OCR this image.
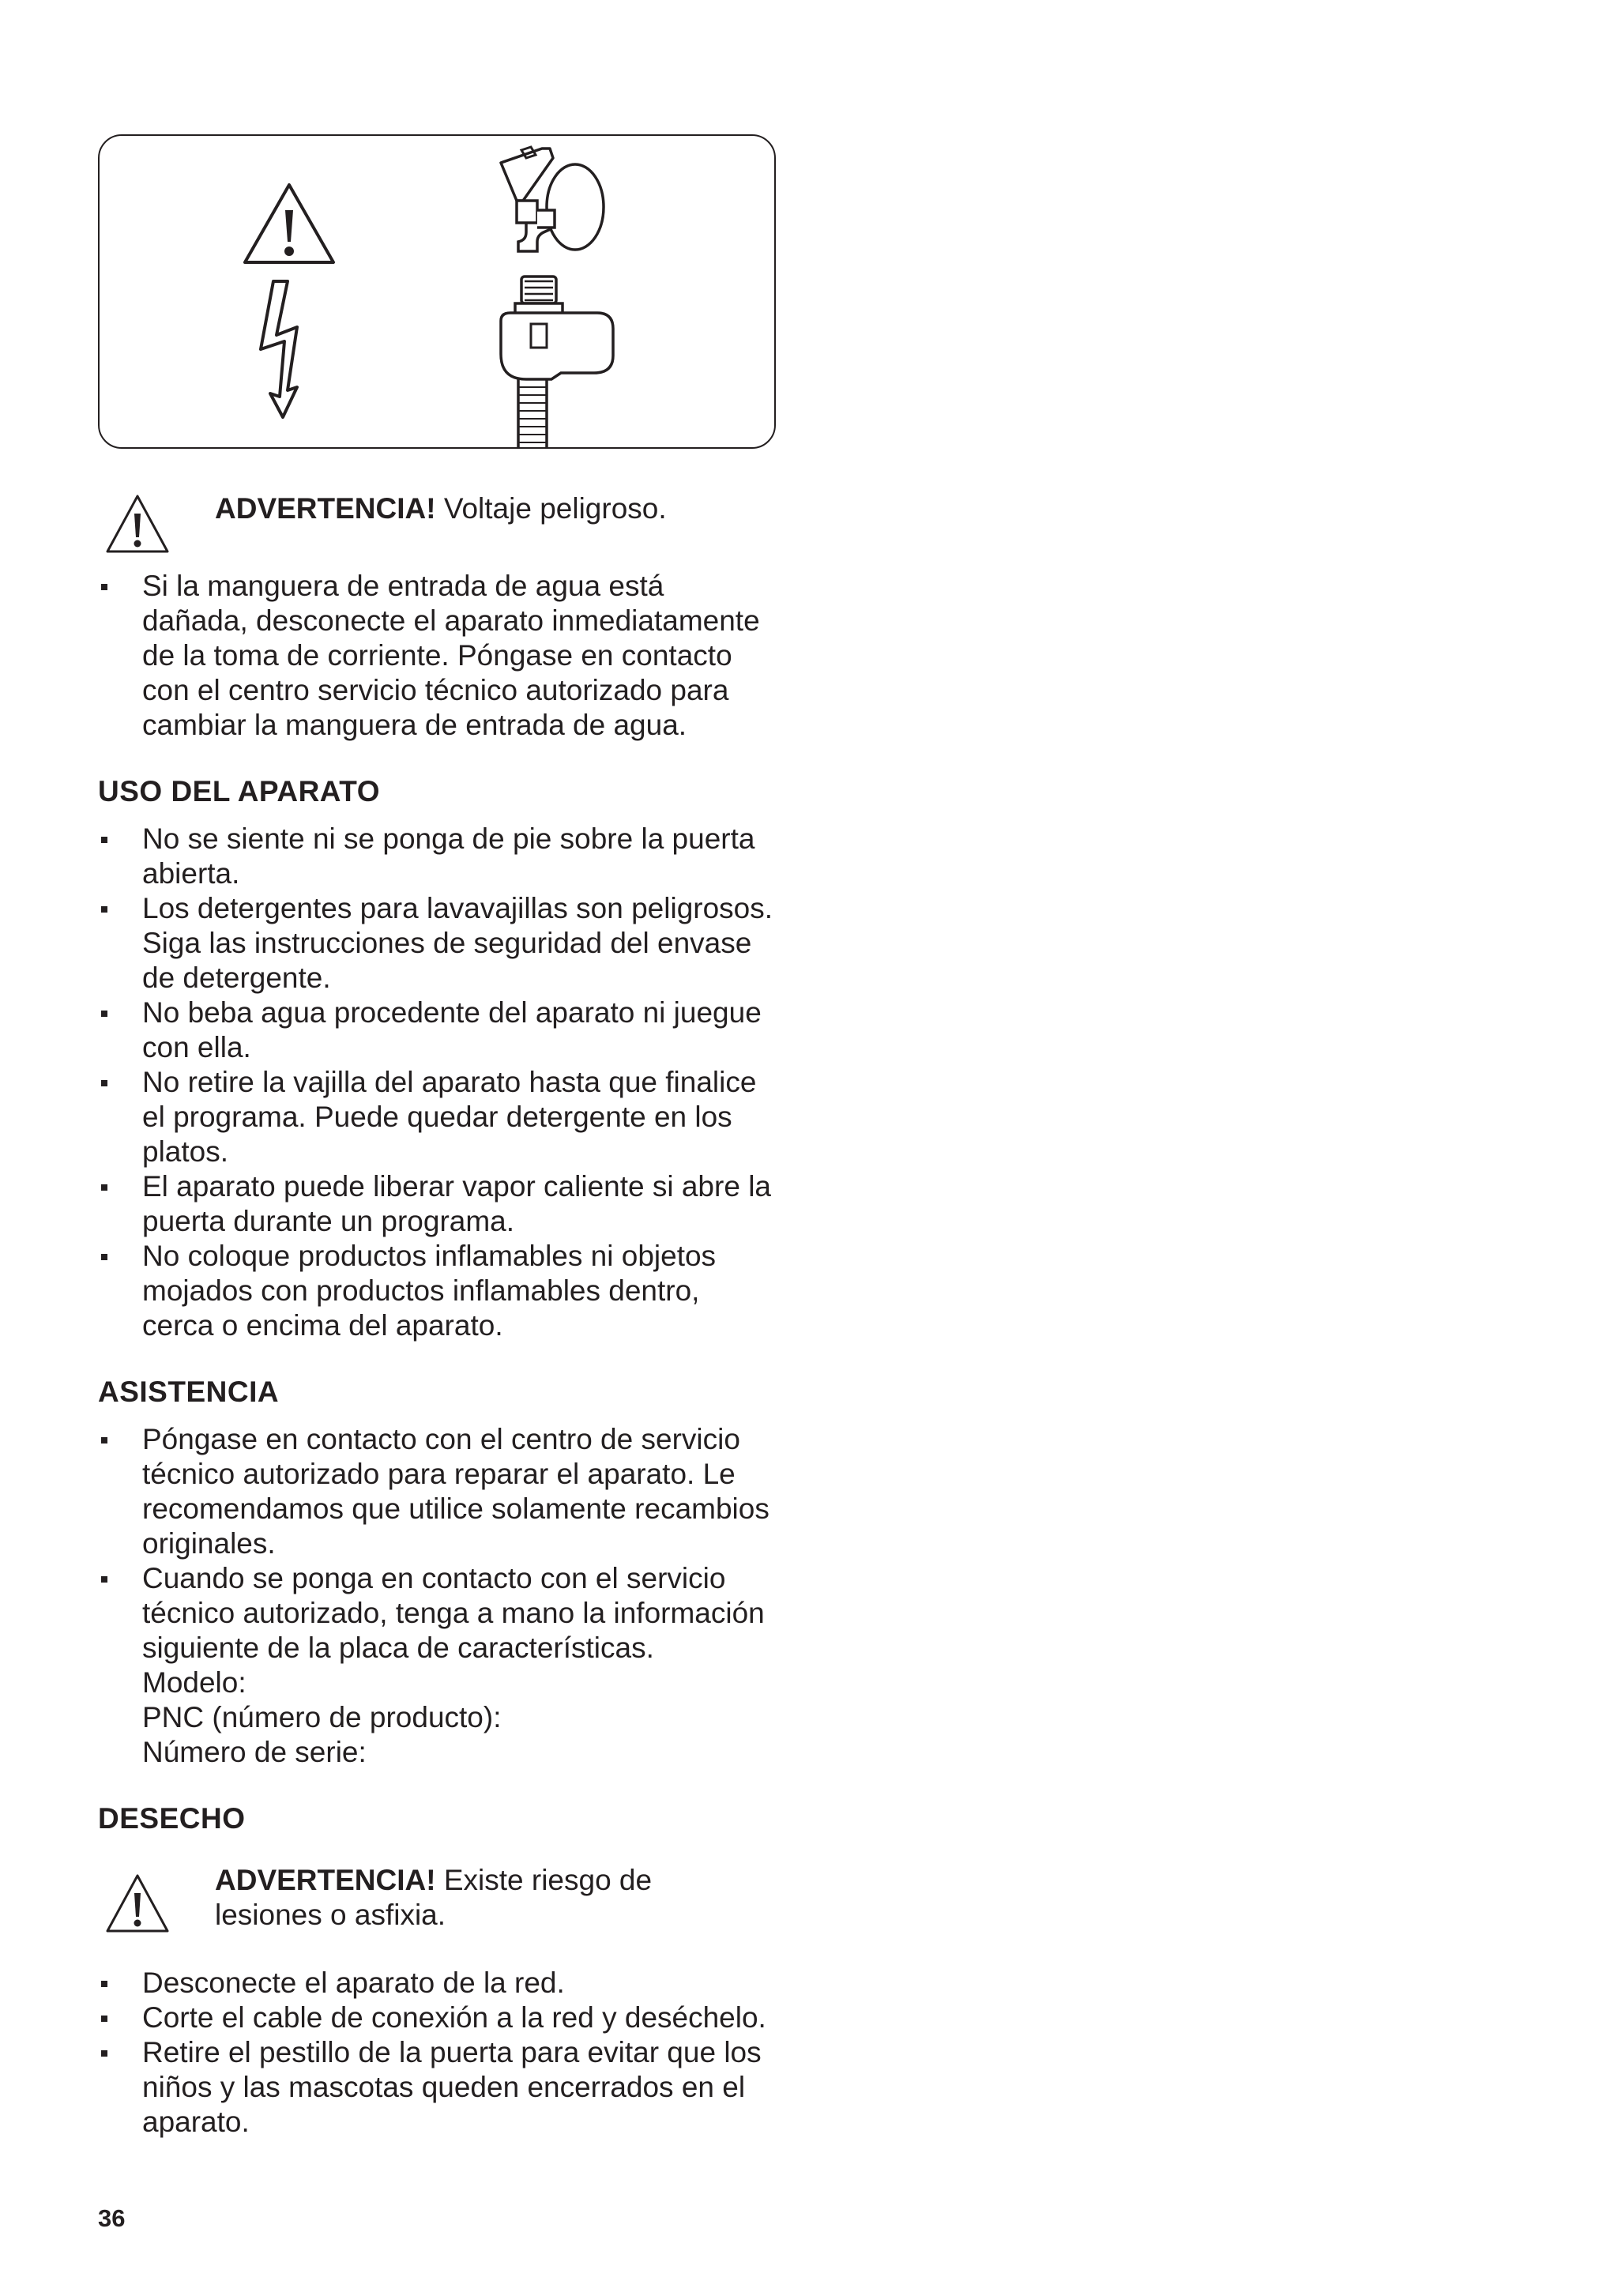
ADVERTENCIA! Voltaje peligroso.
Si la manguera de entrada de agua está
dañada, desconecte el aparato inmediatamente
de la toma de corriente. Póngase en contacto
con el centro servicio técnico autorizado para
cambiar la manguera de entrada de agua.
USO DEL APARATO
No se siente ni se ponga de pie sobre la puerta
abierta.
Los detergentes para lavavajillas son peligrosos.
Siga las instrucciones de seguridad del envase
de detergente.
No beba agua procedente del aparato ni juegue
con ella.
No retire la vajilla del aparato hasta que finalice
el programa. Puede quedar detergente en los
platos.
El aparato puede liberar vapor caliente si abre la
puerta durante un programa.
No coloque productos inflamables ni objetos
mojados con productos inflamables dentro,
cerca o encima del aparato.
ASISTENCIA
Póngase en contacto con el centro de servicio
técnico autorizado para reparar el aparato. Le
recomendamos que utilice solamente recambios
originales.
Cuando se ponga en contacto con el servicio
técnico autorizado, tenga a mano la información
siguiente de la placa de características.
Modelo:
PNC (número de producto):
Número de serie:
DESECHO
ADVERTENCIA! Existe riesgo de
lesiones o asfixia.
Desconecte el aparato de la red.
Corte el cable de conexión a la red y deséchelo.
Retire el pestillo de la puerta para evitar que los
niños y las mascotas queden encerrados en el
aparato.
36
